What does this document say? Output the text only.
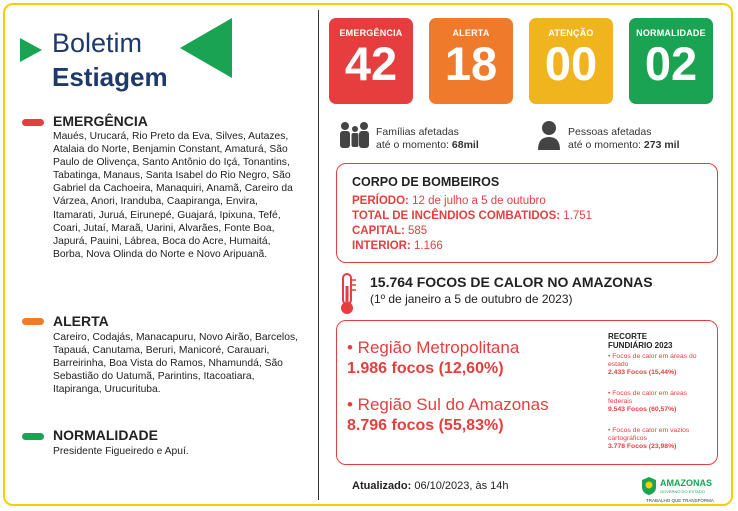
Boletim
Estiagem
EMERGÊNCIA
Maués, Urucará, Rio Preto da Eva, Silves, Autazes, Atalaia do Norte, Benjamin Constant, Amaturá, São Paulo de Olivença, Santo Antônio do Içá, Tonantins, Tabatinga, Manaus, Santa Isabel do Rio Negro, São Gabriel da Cachoeira, Manaquiri, Anamã, Careiro da Várzea, Anori, Iranduba, Caapiranga, Envira, Itamarati, Juruá, Eirunepé, Guajará, Ipixuna, Tefé, Coari, Jutaí, Maraã, Uarini, Alvarães, Fonte Boa, Japurá, Pauini, Lábrea, Boca do Acre, Humaitá, Borba, Nova Olinda do Norte e Novo Aripuanã.
ALERTA
Careiro, Codajás, Manacapuru, Novo Airão, Barcelos, Tapauá, Canutama, Beruri, Manicoré, Carauari, Barreirinha, Boa Vista do Ramos, Nhamundá, São Sebastião do Uatumã, Parintins, Itacoatiara, Itapiranga, Urucurituba.
NORMALIDADE
Presidente Figueiredo e Apuí.
EMERGÊNCIA
42
ALERTA
18
ATENÇÃO
00
NORMALIDADE
02
Famílias afetadas
até o momento: 68mil
Pessoas afetadas
até o momento: 273 mil
CORPO DE BOMBEIROS
PERÍODO: 12 de julho a 5 de outubro
TOTAL DE INCÊNDIOS COMBATIDOS: 1.751
CAPITAL: 585
INTERIOR: 1.166
15.764 FOCOS DE CALOR NO AMAZONAS
(1º de janeiro a 5 de outubro de 2023)
• Região Metropolitana
1.986 focos (12,60%)
• Região Sul do Amazonas
8.796 focos (55,83%)
RECORTE
FUNDIÁRIO 2023
• Focos de calor em áreas do estado
2.433 Focos (15,44%)
• Focos de calor em áreas federais
9.543 Focos (60,57%)
• Focos de calor em vazios cartográficos
3.778 Focos (23,98%)
Atualizado: 06/10/2023, às 14h	AMAZONAS
GOVERNO DO ESTADO
TRABALHO QUE TRANSFORMA
